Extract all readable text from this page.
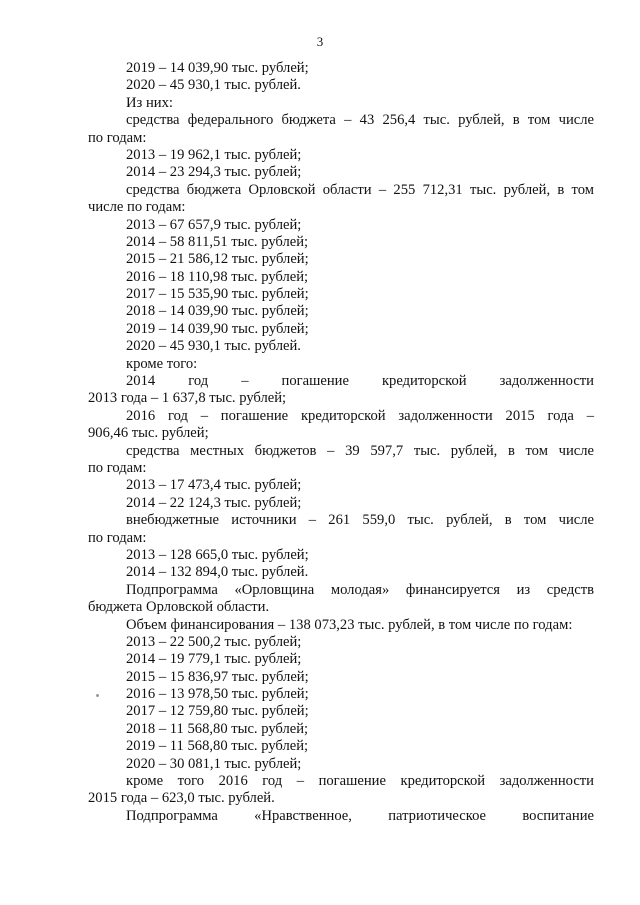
3
2019 – 14 039,90 тыс. рублей;
2020 – 45 930,1 тыс. рублей.
Из них:
средства федерального бюджета – 43 256,4 тыс. рублей, в том числе
по годам:
2013 – 19 962,1 тыс. рублей;
2014 – 23 294,3 тыс. рублей;
средства бюджета Орловской области – 255 712,31 тыс. рублей, в том
числе по годам:
2013 – 67 657,9 тыс. рублей;
2014 – 58 811,51 тыс. рублей;
2015 – 21 586,12 тыс. рублей;
2016 – 18 110,98 тыс. рублей;
2017 – 15 535,90 тыс. рублей;
2018 – 14 039,90 тыс. рублей;
2019 – 14 039,90 тыс. рублей;
2020 – 45 930,1 тыс. рублей.
кроме того:
2014 год – погашение кредиторской задолженности
2013 года – 1 637,8 тыс. рублей;
2016 год – погашение кредиторской задолженности 2015 года –
906,46 тыс. рублей;
средства местных бюджетов – 39 597,7 тыс. рублей, в том числе
по годам:
2013 – 17 473,4 тыс. рублей;
2014 – 22 124,3 тыс. рублей;
внебюджетные источники – 261 559,0 тыс. рублей, в том числе
по годам:
2013 – 128 665,0 тыс. рублей;
2014 – 132 894,0 тыс. рублей.
Подпрограмма «Орловщина молодая» финансируется из средств
бюджета Орловской области.
Объем финансирования – 138 073,23 тыс. рублей, в том числе по годам:
2013 – 22 500,2 тыс. рублей;
2014 – 19 779,1 тыс. рублей;
2015 – 15 836,97 тыс. рублей;
2016 – 13 978,50 тыс. рублей;
2017 – 12 759,80 тыс. рублей;
2018 – 11 568,80 тыс. рублей;
2019 – 11 568,80 тыс. рублей;
2020 – 30 081,1 тыс. рублей;
кроме того 2016 год – погашение кредиторской задолженности
2015 года – 623,0 тыс. рублей.
Подпрограмма «Нравственное, патриотическое воспитание
